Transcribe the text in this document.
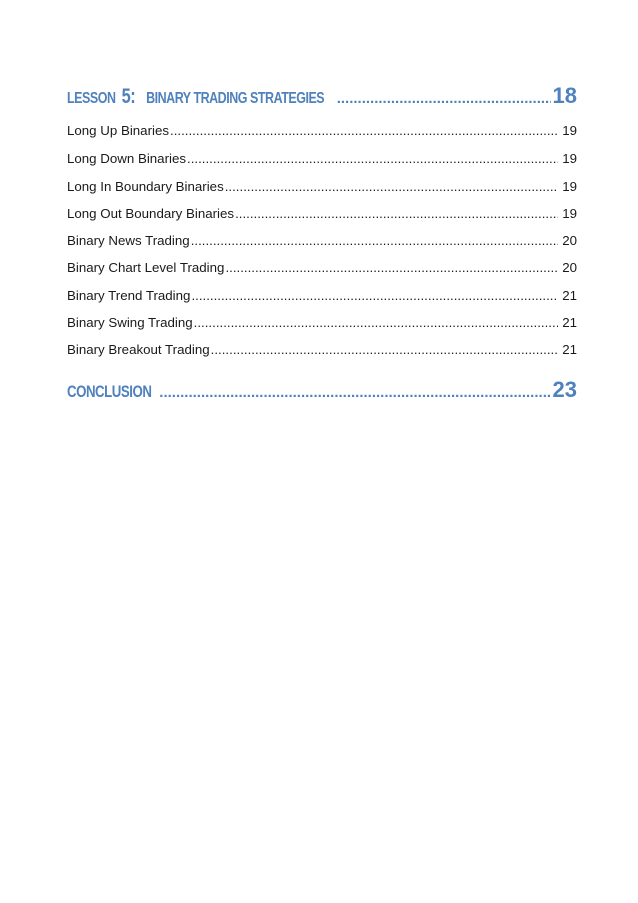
LESSON 5: BINARY TRADING STRATEGIES .....	18
Long Up Binaries .....	19
Long Down Binaries .....	19
Long In Boundary Binaries .....	19
Long Out Boundary Binaries .....	19
Binary News Trading .....	20
Binary Chart Level Trading .....	20
Binary Trend Trading .....	21
Binary Swing Trading .....	21
Binary Breakout Trading .....	21
CONCLUSION .....	23
